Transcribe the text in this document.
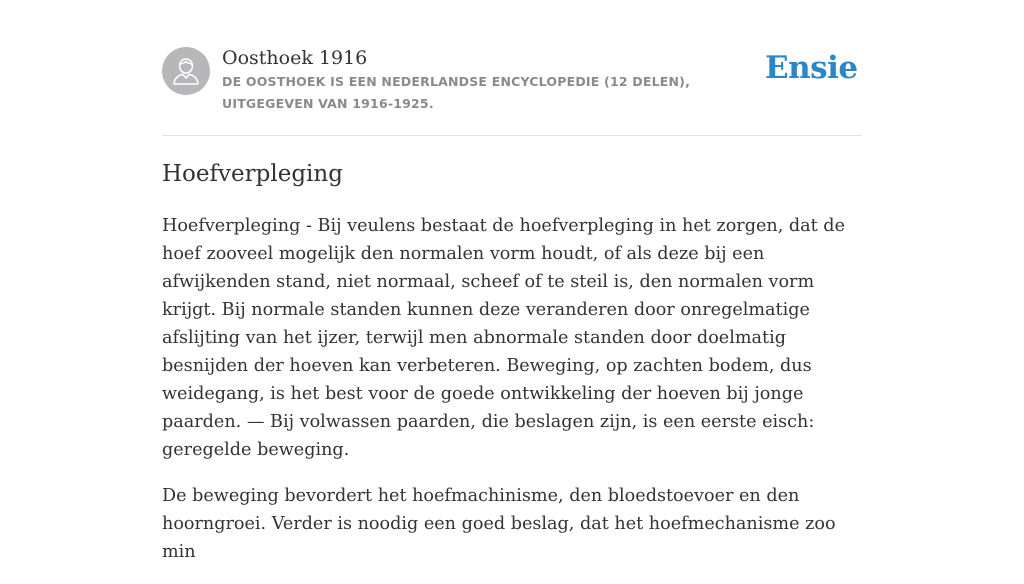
Oosthoek 1916

DE OOSTHOEK IS EEN NEDERLANDSE ENCYCLOPEDIE (12 DELEN), UITGEGEVEN VAN 1916-1925.

Ensie
Hoefverpleging

Hoefverpleging - Bij veulens bestaat de hoefverpleging in het zorgen, dat de hoef zooveel mogelijk den normalen vorm houdt, of als deze bij een afwijkenden stand, niet normaal, scheef of te steil is, den normalen vorm krijgt. Bij normale standen kunnen deze veranderen door onregelmatige afslijting van het ijzer, terwijl men abnormale standen door doelmatig besnijden der hoeven kan verbeteren. Beweging, op zachten bodem, dus weidegang, is het best voor de goede ontwikkeling der hoeven bij jonge paarden. — Bij volwassen paarden, die beslagen zijn, is een eerste eisch: geregelde beweging.

De beweging bevordert het hoefmachinisme, den bloedstoevoer en den hoorngroei. Verder is noodig een goed beslag, dat het hoefmechanisme zoo min
